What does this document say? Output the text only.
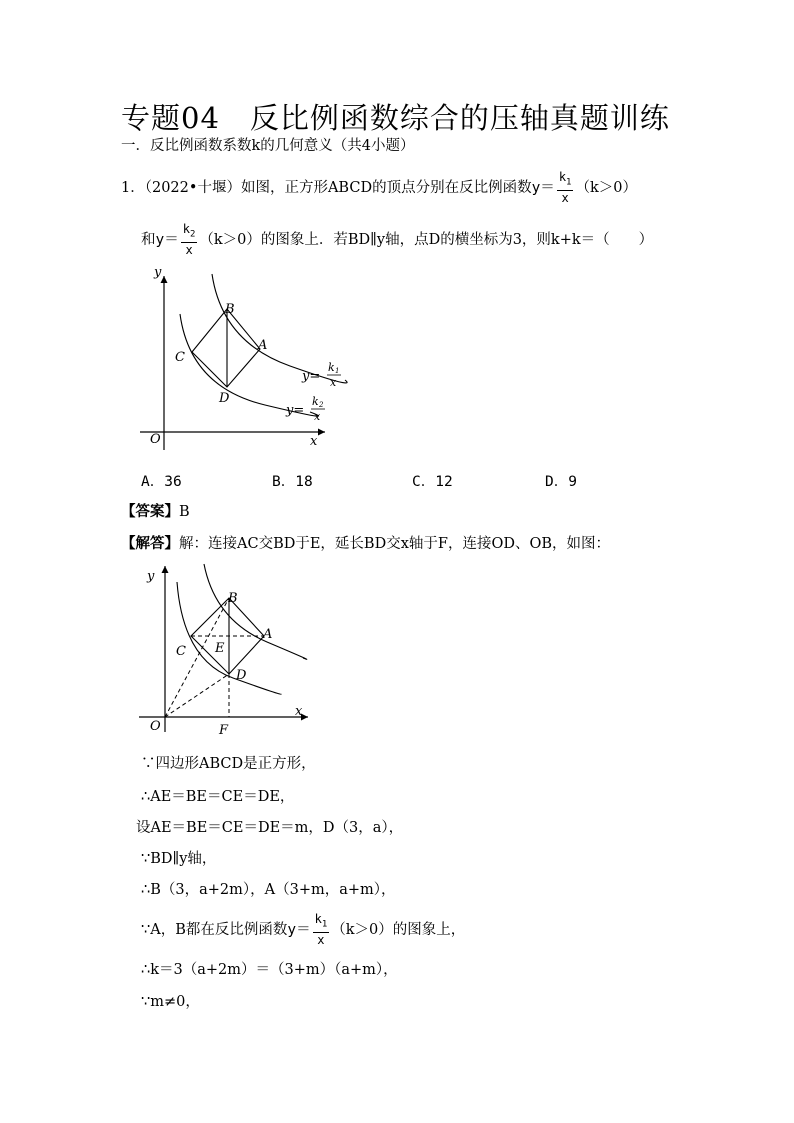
专题04　反比例函数综合的压轴真题训练
一．反比例函数系数k的几何意义（共4小题）
1．（2022•十堰）如图，正方形ABCD的顶点分别在反比例函数$y= \frac{k_1}{x} (k>0)$
和$y= \frac{k_2}{x} (k>0)$的图象上．若BD∥y轴，点D的横坐标为3，则k+k＝（　　）
y
x
O
B
A
C
D
y=
k 1
x
y=
k 2
x
A．36	B．18	C．12	D．9
【答案】B
【解答】解：连接AC交BD于E，延长BD交x轴于F，连接OD、OB，如图：
y
x
O
B
A
C
D
E
F
∵四边形ABCD是正方形，
∴AE＝BE＝CE＝DE，
设AE＝BE＝CE＝DE＝m，D（3，a），
∵BD∥y轴，
∴B（3，a+2m），A（3+m，a+m），
∵A，B都在反比例函数$y= \frac{k_1}{x} (k>0)$的图象上，
∴k＝3（a+2m）＝（3+m）（a+m），
∵m≠0，
